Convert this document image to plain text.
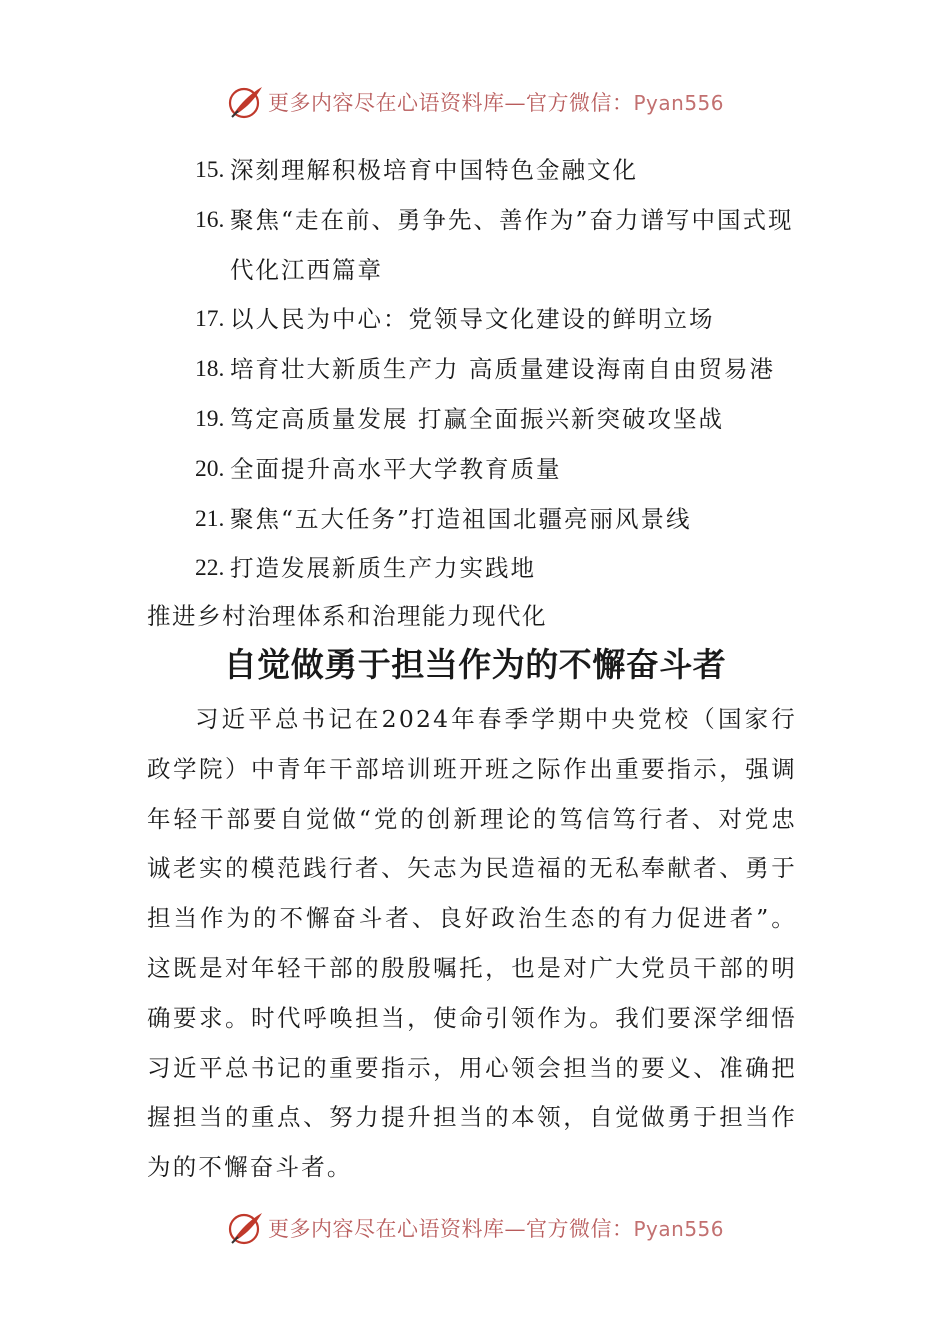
更多内容尽在心语资料库—官方微信：Pyan556
15. 深刻理解积极培育中国特色金融文化
16. 聚焦“走在前、勇争先、善作为”奋力谱写中国式现代化江西篇章
17. 以人民为中心：党领导文化建设的鲜明立场
18. 培育壮大新质生产力 高质量建设海南自由贸易港
19. 笃定高质量发展 打赢全面振兴新突破攻坚战
20. 全面提升高水平大学教育质量
21. 聚焦“五大任务”打造祖国北疆亮丽风景线
22. 打造发展新质生产力实践地
推进乡村治理体系和治理能力现代化
自觉做勇于担当作为的不懈奋斗者
习近平总书记在2024年春季学期中央党校（国家行政学院）中青年干部培训班开班之际作出重要指示，强调年轻干部要自觉做“党的创新理论的笃信笃行者、对党忠诚老实的模范践行者、矢志为民造福的无私奉献者、勇于担当作为的不懈奋斗者、良好政治生态的有力促进者”。这既是对年轻干部的殷殷嘱托，也是对广大党员干部的明确要求。时代呼唤担当，使命引领作为。我们要深学细悟习近平总书记的重要指示，用心领会担当的要义、准确把握担当的重点、努力提升担当的本领，自觉做勇于担当作为的不懈奋斗者。
更多内容尽在心语资料库—官方微信：Pyan556
